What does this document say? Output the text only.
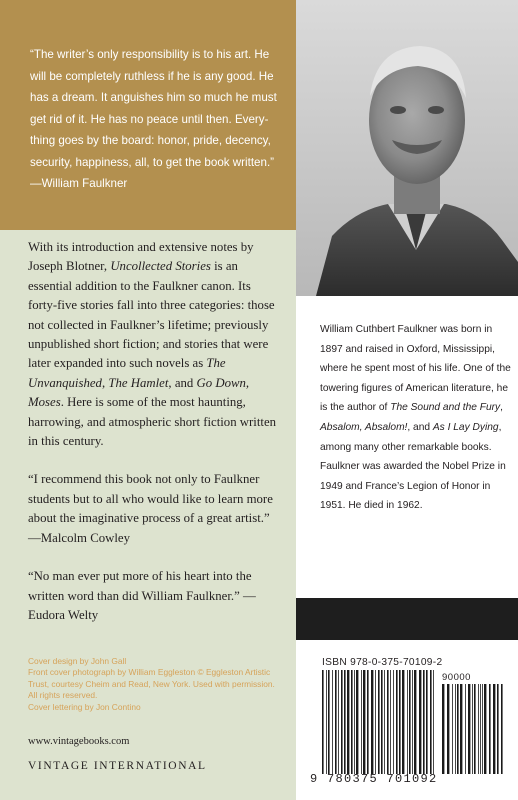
“The writer’s only responsibility is to his art. He will be completely ruthless if he is any good. He has a dream. It anguishes him so much he must get rid of it. He has no peace until then. Every-thing goes by the board: honor, pride, decency, security, happiness, all, to get the book written.” —William Faulkner

With its introduction and extensive notes by Joseph Blotner, Uncollected Stories is an essential addition to the Faulkner canon. Its forty-five stories fall into three categories: those not collected in Faulkner’s lifetime; previously unpublished short fiction; and stories that were later expanded into such novels as The Unvanquished, The Hamlet, and Go Down, Moses. Here is some of the most haunting, harrowing, and atmospheric short fiction written in this century.

“I recommend this book not only to Faulkner students but to all who would like to learn more about the imaginative process of a great artist.”
—Malcolm Cowley

“No man ever put more of his heart into the written word than did William Faulkner.” —Eudora Welty

Cover design by John Gall
Front cover photograph by William Eggleston © Eggleston Artistic Trust, courtesy Cheim and Read, New York. Used with permission. All rights reserved.
Cover lettering by Jon Contino
www.vintagebooks.com
VINTAGE INTERNATIONAL
William Cuthbert Faulkner was born in 1897 and raised in Oxford, Mississippi, where he spent most of his life. One of the towering figures of American literature, he is the author of The Sound and the Fury, Absalom, Absalom!, and As I Lay Dying, among many other remarkable books. Faulkner was awarded the Nobel Prize in 1949 and France’s Legion of Honor in 1951. He died in 1962.
ISBN 978-0-375-70109-2
90000
9 780375 701092
